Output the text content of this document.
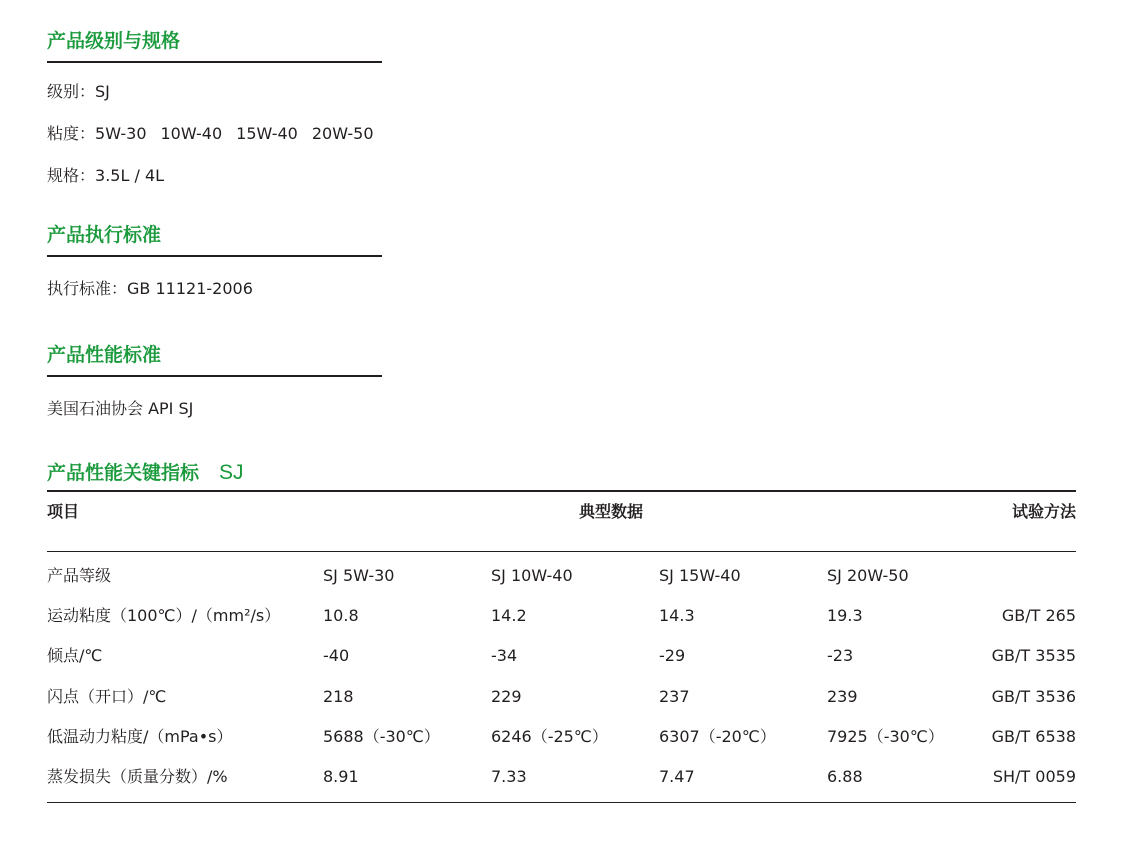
产品级别与规格
级别：SJ
粘度：5W-30 10W-40 15W-40 20W-50
规格：3.5L / 4L
产品执行标准
执行标准：GB 11121-2006
产品性能标准
美国石油协会 API SJ
产品性能关键指标 SJ
项目	典型数据	试验方法
产品等级	SJ 5W-30	SJ 10W-40	SJ 15W-40	SJ 20W-50
运动粘度（100℃）/（mm²/s）	10.8	14.2	14.3	19.3	GB/T 265
倾点/℃	-40	-34	-29	-23	GB/T 3535
闪点（开口）/℃	218	229	237	239	GB/T 3536
低温动力粘度/（mPa•s）	5688（-30℃）	6246（-25℃）	6307（-20℃）	7925（-30℃）	GB/T 6538
蒸发损失（质量分数）/%	8.91	7.33	7.47	6.88	SH/T 0059
